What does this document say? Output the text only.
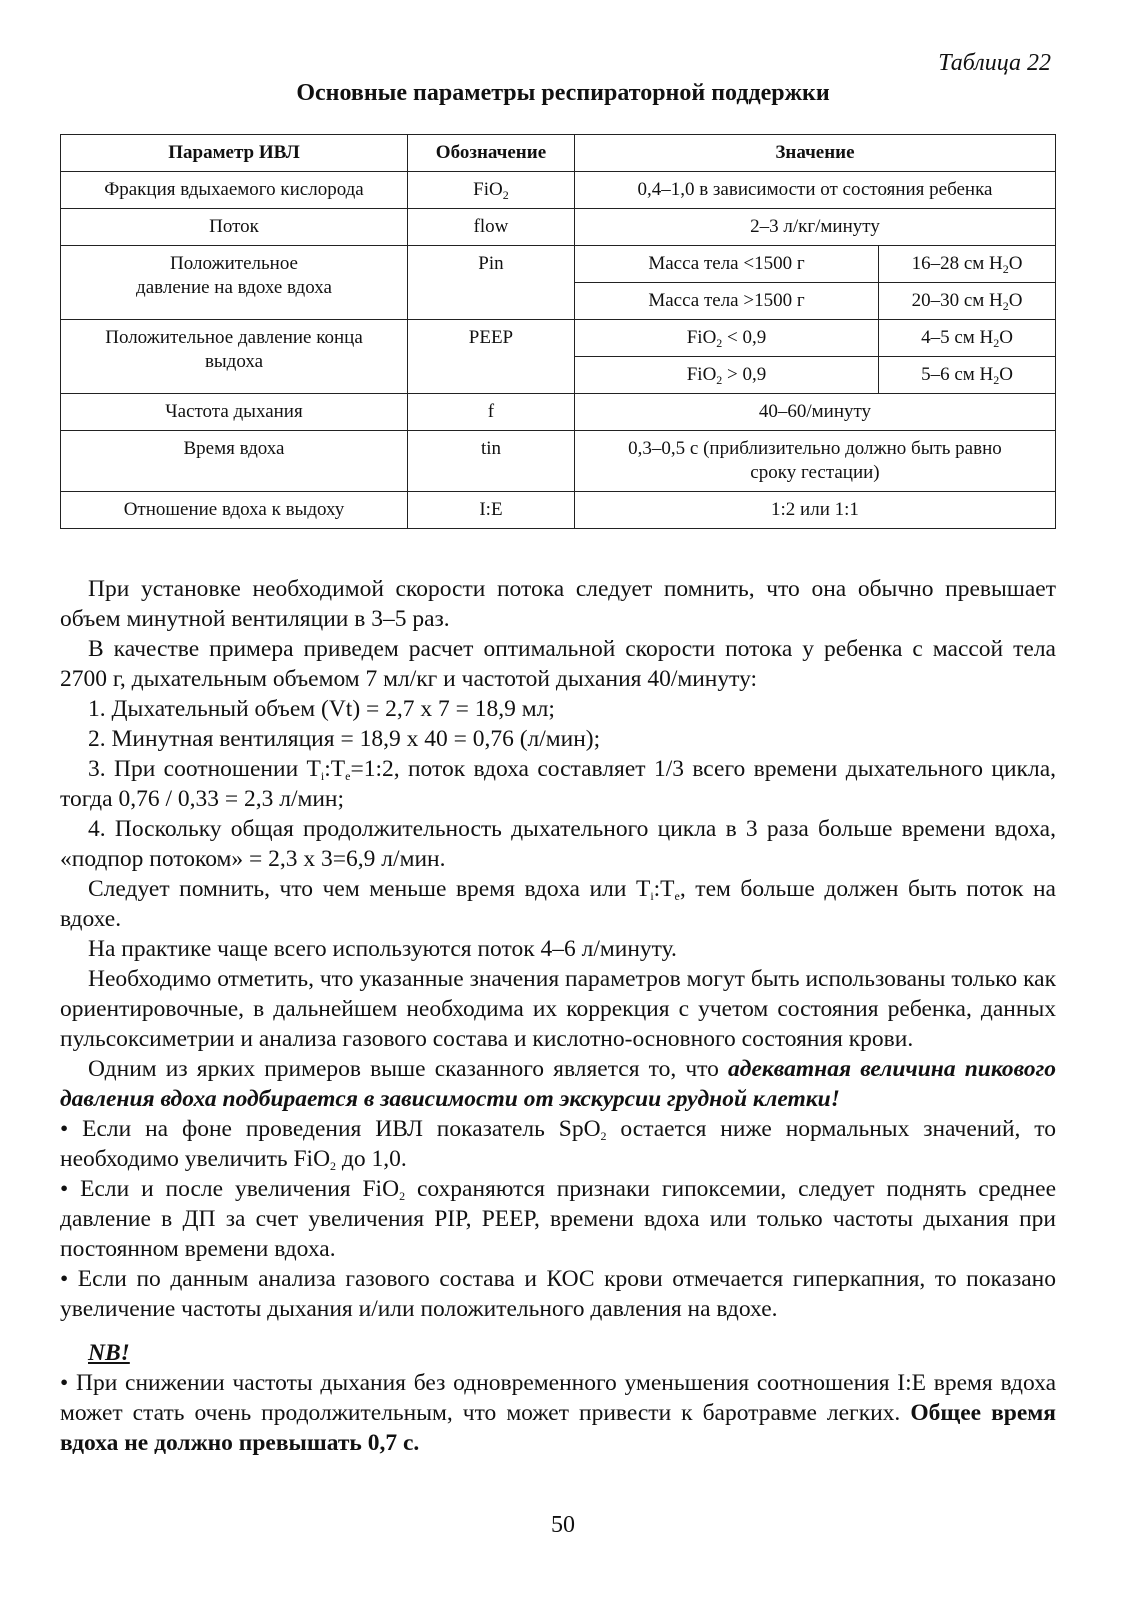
Таблица 22
Основные параметры респираторной поддержки
Параметр ИВЛ	Обозначение	Значение	
Фракция вдыхаемого кислорода	FiO$_2$	0,4–1,0 в зависимости от состояния ребенка	
Поток	flow	2–3 л/кг/минуту	
Положительное давление на вдохе вдоха	Pin	Масса тела <1500 г	16–28 см $H_2O$
		Масса тела >1500 г	20–30 см $H_2O$
Положительное давление конца выдоха	PEEP	FiO$_2$ < 0,9	4–5 см $H_2O$
		FiO$_2$ > 0,9	5–6 см $H_2O$
Частота дыхания	f	40–60/минуту	
Время вдоха	tin	0,3–0,5 с (приблизительно должно быть равно сроку гестации)	
Отношение вдоха к выдоху	I:E	1:2 или 1:1	

При установке необходимой скорости потока следует помнить, что она обычно превышает объем минутной вентиляции в 3–5 раз.

В качестве примера приведем расчет оптимальной скорости потока у ребенка с массой тела 2700 г, дыхательным объемом 7 мл/кг и частотой дыхания 40/минуту:

1. Дыхательный объем (Vt) = 2,7 х 7 = 18,9 мл;

2. Минутная вентиляция = 18,9 х 40 = 0,76 (л/мин);

3. При соотношении $T_i:T_e=1:2$, поток вдоха составляет 1/3 всего времени дыхательного цикла, тогда 0,76 / 0,33 = 2,3 л/мин;

4. Поскольку общая продолжительность дыхательного цикла в 3 раза больше времени вдоха, «подпор потоком» = 2,3 х 3=6,9 л/мин.

Следует помнить, что чем меньше время вдоха или $T_i:T_e$, тем больше должен быть поток на вдохе.

На практике чаще всего используются поток 4–6 л/минуту.

Необходимо отметить, что указанные значения параметров могут быть использованы только как ориентировочные, в дальнейшем необходима их коррекция с учетом состояния ребенка, данных пульсоксиметрии и анализа газового состава и кислотно-основного состояния крови.

Одним из ярких примеров выше сказанного является то, что адекватная величина пикового давления вдоха подбирается в зависимости от экскурсии грудной клетки!

• Если на фоне проведения ИВЛ показатель SpO$_2$ остается ниже нормальных значений, то необходимо увеличить FiO$_2$ до 1,0.

• Если и после увеличения FiO$_2$ сохраняются признаки гипоксемии, следует поднять среднее давление в ДП за счет увеличения PIP, PEEP, времени вдоха или только частоты дыхания при постоянном времени вдоха.

• Если по данным анализа газового состава и КОС крови отмечается гиперкапния, то показано увеличение частоты дыхания и/или положительного давления на вдохе.

NB!

• При снижении частоты дыхания без одновременного уменьшения соотношения I:E время вдоха может стать очень продолжительным, что может привести к баротравме легких. Общее время вдоха не должно превышать 0,7 с.

50
